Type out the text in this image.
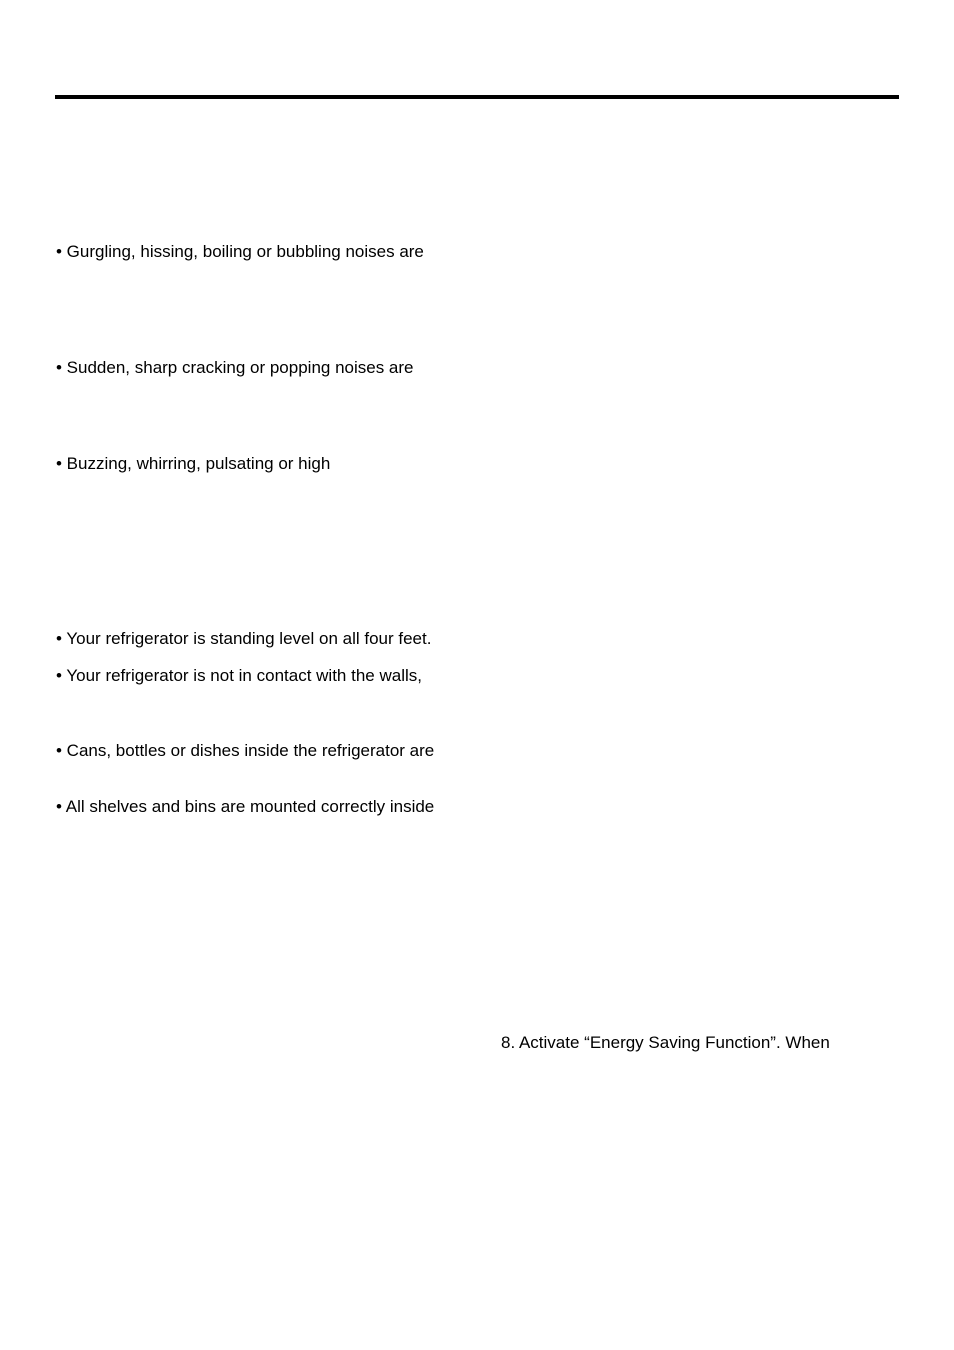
• Gurgling, hissing, boiling or bubbling noises are
• Sudden, sharp cracking or popping noises are
• Buzzing, whirring, pulsating or high
• Your refrigerator is standing level on all four feet.
• Your refrigerator is not in contact with the walls,
• Cans, bottles or dishes inside the refrigerator are
• All shelves and bins are mounted correctly inside
8. Activate “Energy Saving Function”. When
